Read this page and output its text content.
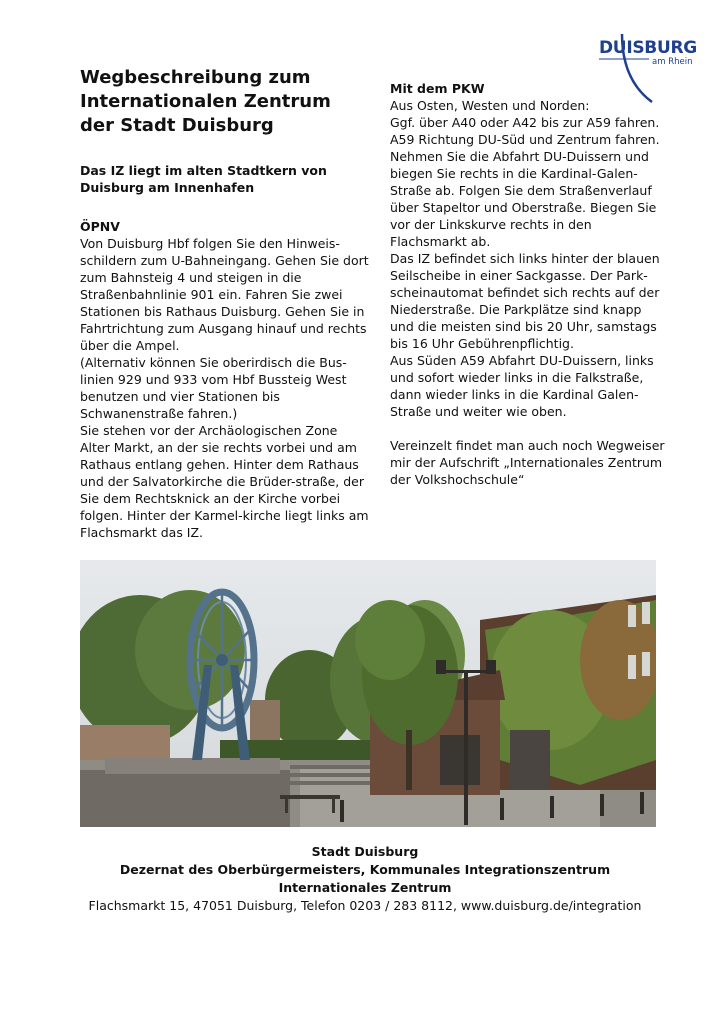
DUISBURG

am Rhein

Wegbeschreibung zum Internationalen Zentrum der Stadt Duisburg
Das IZ liegt im alten Stadtkern von Duisburg am Innenhafen
ÖPNV

Von Duisburg Hbf folgen Sie den Hinweis-schildern zum U-Bahneingang. Gehen Sie dort zum Bahnsteig 4 und steigen in die Straßenbahnlinie 901 ein. Fahren Sie zwei Stationen bis Rathaus Duisburg. Gehen Sie in Fahrtrichtung zum Ausgang hinauf und rechts über die Ampel.

(Alternativ können Sie oberirdisch die Bus-linien 929 und 933 vom Hbf Bussteig West benutzen und vier Stationen bis Schwanenstraße fahren.)

Sie stehen vor der Archäologischen Zone Alter Markt, an der sie rechts vorbei und am Rathaus entlang gehen. Hinter dem Rathaus und der Salvatorkirche die Brüder-straße, der Sie dem Rechtsknick an der Kirche vorbei folgen. Hinter der Karmel-kirche liegt links am Flachsmarkt das IZ.

Mit dem PKW

Aus Osten, Westen und Norden:

Ggf. über A40 oder A42 bis zur A59 fahren. A59 Richtung DU-Süd und Zentrum fahren. Nehmen Sie die Abfahrt DU-Duissern und biegen Sie rechts in die Kardinal-Galen-Straße ab. Folgen Sie dem Straßenverlauf über Stapeltor und Oberstraße. Biegen Sie vor der Linkskurve rechts in den Flachsmarkt ab.

Das IZ befindet sich links hinter der blauen Seilscheibe in einer Sackgasse. Der Park-scheinautomat befindet sich rechts auf der Niederstraße. Die Parkplätze sind knapp und die meisten sind bis 20 Uhr, samstags bis 16 Uhr Gebührenpflichtig.

Aus Süden A59 Abfahrt DU-Duissern, links und sofort wieder links in die Falkstraße, dann wieder links in die Kardinal Galen-Straße und weiter wie oben.

Vereinzelt findet man auch noch Wegweiser mir der Aufschrift „Internationales Zentrum der Volkshochschule“

Stadt Duisburg

Dezernat des Oberbürgermeisters, Kommunales Integrationszentrum

Internationales Zentrum

Flachsmarkt 15, 47051 Duisburg, Telefon 0203 / 283 8112, www.duisburg.de/integration
